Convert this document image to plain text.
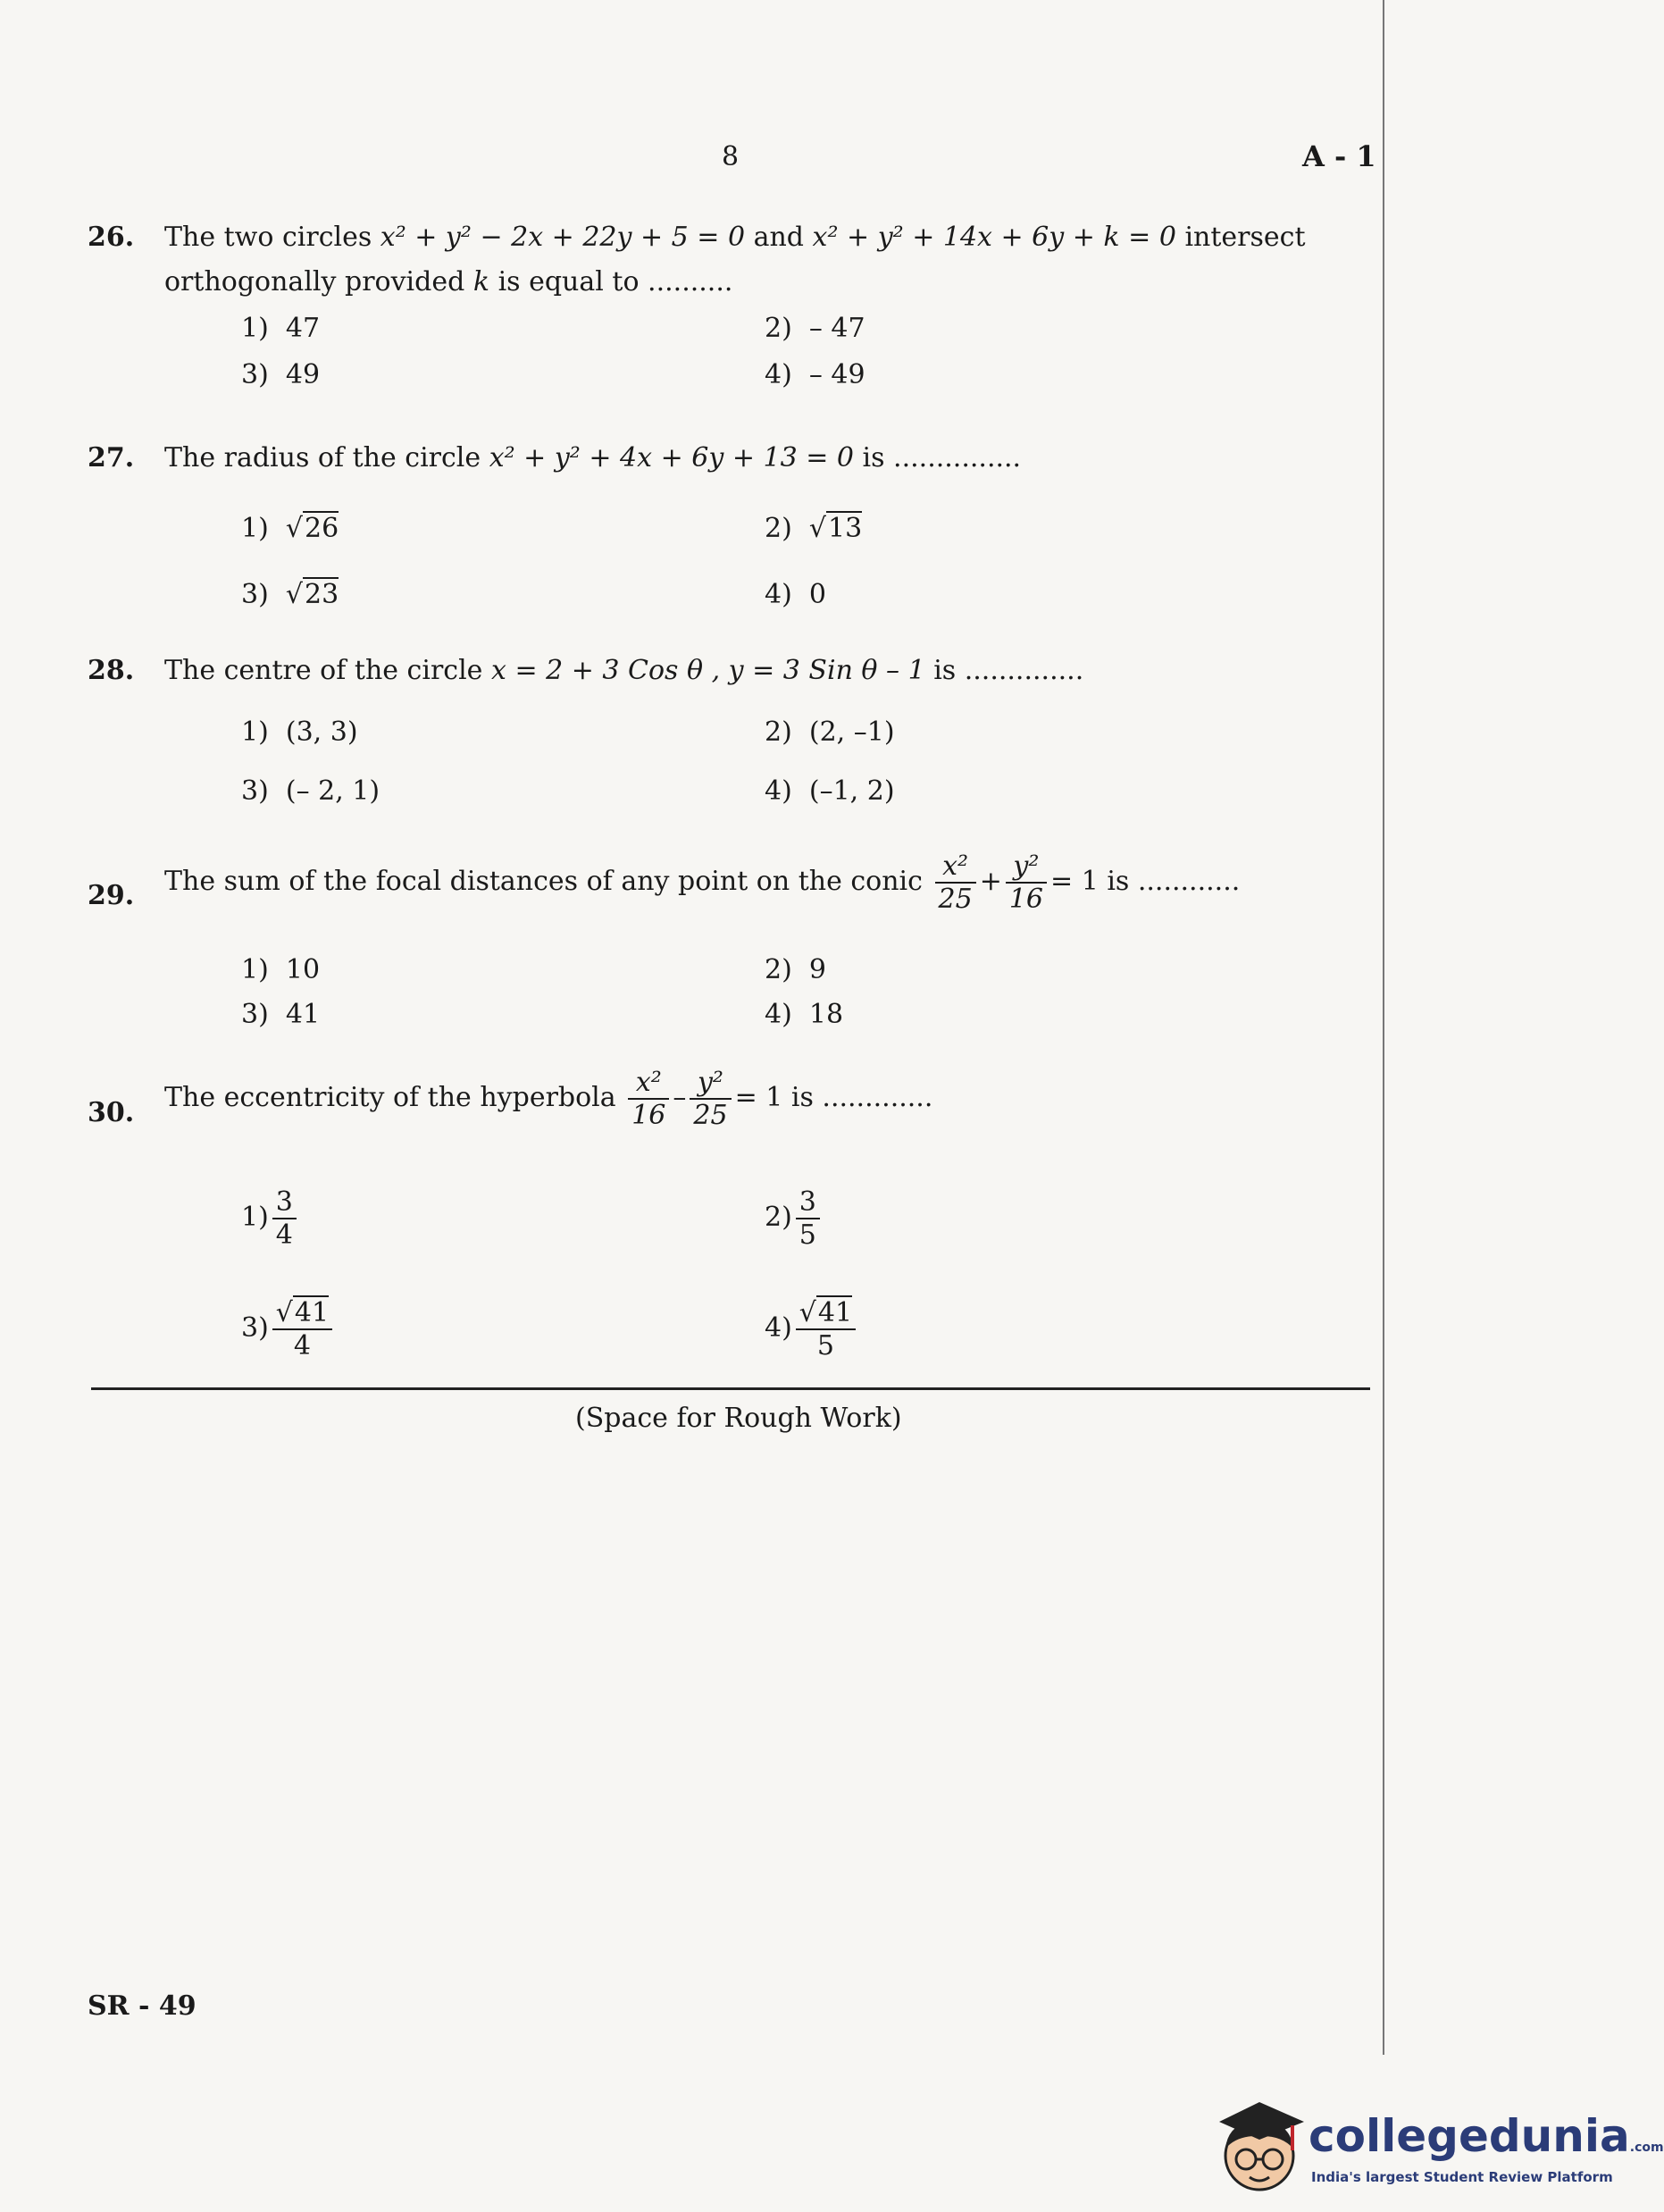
8	A - 1
26. The two circles x² + y² − 2x + 22y + 5 = 0 and x² + y² + 14x + 6y + k = 0 intersect
orthogonally provided k is equal to ..........
1) 47	2) – 47
3) 49	4) – 49
27. The radius of the circle x² + y² + 4x + 6y + 13 = 0 is ...............
1)  √26	2)  √13
3)  √23	4) 0
28. The centre of the circle x = 2 + 3 Cos θ , y = 3 Sin θ – 1 is ..............
1) (3, 3)	2) (2, –1)
3) (– 2, 1)	4) (–1, 2)
29. The sum of the focal distances of any point on the conic $\frac{\text{x²}}{25} + \frac{\text{y²}}{16} = 1$ is ............
1) 10	2) 9
3) 41	4) 18
30. The eccentricity of the hyperbola $\frac{\text{x²}}{16} - \frac{\text{y²}}{25} = 1$ is .............
$1) \frac{3}{4}$	$2) \frac{3}{5}$
$3) \frac{√41}{4}$	$4) \frac{√41}{5}$
(Space for Rough Work)
SR - 49
collegedunia.com
India's largest Student Review Platform
